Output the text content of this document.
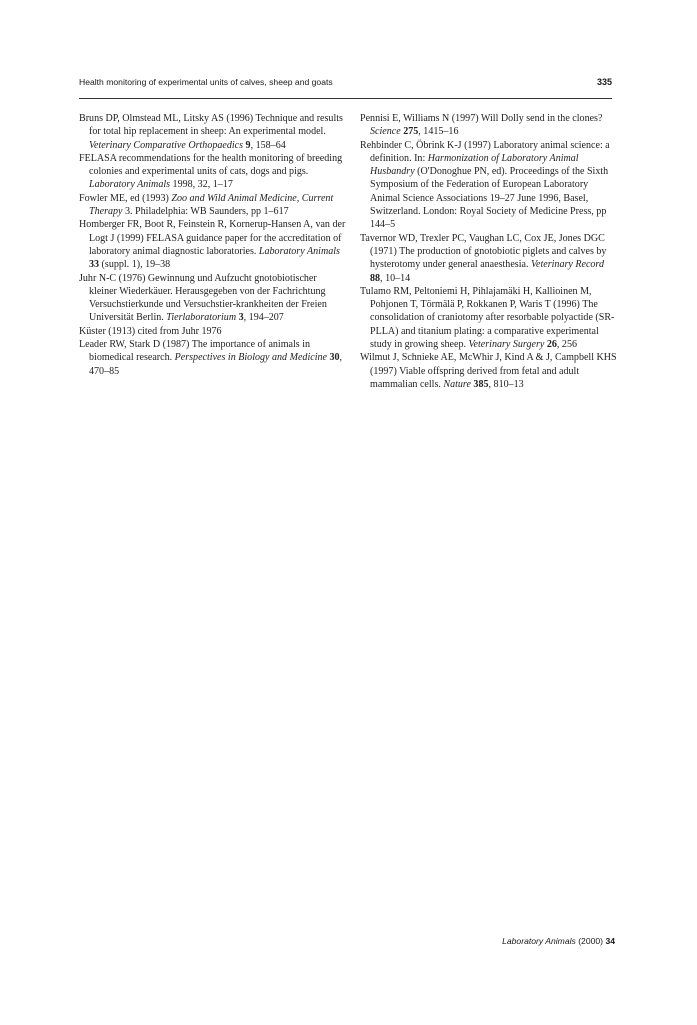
Health monitoring of experimental units of calves, sheep and goats	335

Bruns DP, Olmstead ML, Litsky AS (1996) Technique and results for total hip replacement in sheep: An experimental model. Veterinary Comparative Orthopaedics 9, 158–64

FELASA recommendations for the health monitoring of breeding colonies and experimental units of cats, dogs and pigs. Laboratory Animals 1998, 32, 1–17

Fowler ME, ed (1993) Zoo and Wild Animal Medicine, Current Therapy 3. Philadelphia: WB Saunders, pp 1–617

Homberger FR, Boot R, Feinstein R, Kornerup-Hansen A, van der Logt J (1999) FELASA guidance paper for the accreditation of laboratory animal diagnostic laboratories. Laboratory Animals 33 (suppl. 1), 19–38

Juhr N-C (1976) Gewinnung und Aufzucht gnotobiotischer kleiner Wiederkäuer. Herausgegeben von der Fachrichtung Versuchstierkunde und Versuchstier-krankheiten der Freien Universität Berlin. Tierlaboratorium 3, 194–207

Küster (1913) cited from Juhr 1976

Leader RW, Stark D (1987) The importance of animals in biomedical research. Perspectives in Biology and Medicine 30, 470–85

Pennisi E, Williams N (1997) Will Dolly send in the clones? Science 275, 1415–16

Rehbinder C, Öbrink K-J (1997) Laboratory animal science: a definition. In: Harmonization of Laboratory Animal Husbandry (O'Donoghue PN, ed). Proceedings of the Sixth Symposium of the Federation of European Laboratory Animal Science Associations 19–27 June 1996, Basel, Switzerland. London: Royal Society of Medicine Press, pp 144–5

Tavernor WD, Trexler PC, Vaughan LC, Cox JE, Jones DGC (1971) The production of gnotobiotic piglets and calves by hysterotomy under general anaesthesia. Veterinary Record 88, 10–14

Tulamo RM, Peltoniemi H, Pihlajamäki H, Kallioinen M, Pohjonen T, Törmälä P, Rokkanen P, Waris T (1996) The consolidation of craniotomy after resorbable polyactide (SR-PLLA) and titanium plating: a comparative experimental study in growing sheep. Veterinary Surgery 26, 256

Wilmut J, Schnieke AE, McWhir J, Kind A & J, Campbell KHS (1997) Viable offspring derived from fetal and adult mammalian cells. Nature 385, 810–13

Laboratory Animals (2000) 34
